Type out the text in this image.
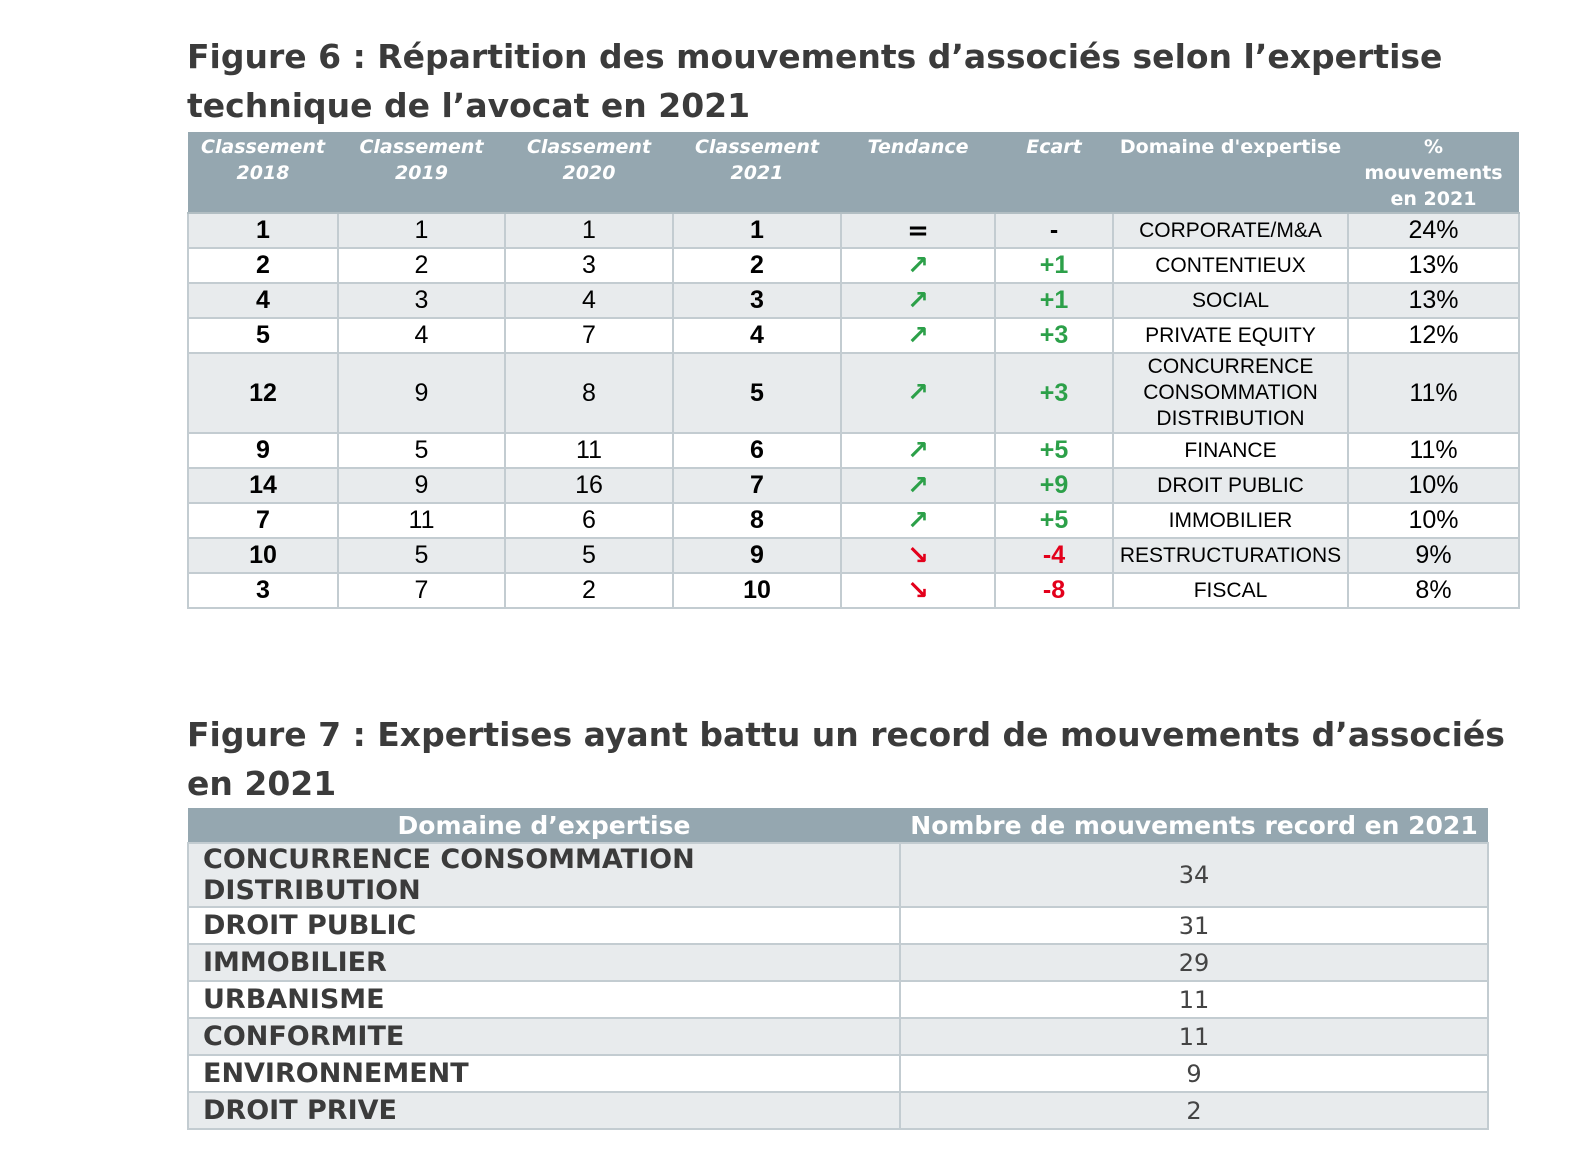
Figure 6 : Répartition des mouvements d’associés selon l’expertise technique de l’avocat en 2021
Classement 2018	Classement 2019	Classement 2020	Classement 2021	Tendance	Ecart	Domaine d'expertise	% mouvements en 2021
1	1	1	1	=	-	CORPORATE/M&A	24%
2	2	3	2	↗	+1	CONTENTIEUX	13%
4	3	4	3	↗	+1	SOCIAL	13%
5	4	7	4	↗	+3	PRIVATE EQUITY	12%
12	9	8	5	↗	+3	CONCURRENCE CONSOMMATION DISTRIBUTION	11%
9	5	11	6	↗	+5	FINANCE	11%
14	9	16	7	↗	+9	DROIT PUBLIC	10%
7	11	6	8	↗	+5	IMMOBILIER	10%
10	5	5	9	↘	-4	RESTRUCTURATIONS	9%
3	7	2	10	↘	-8	FISCAL	8%
Figure 7 : Expertises ayant battu un record de mouvements d’associés en 2021
Domaine d’expertise	Nombre de mouvements record en 2021
CONCURRENCE CONSOMMATION DISTRIBUTION	34
DROIT PUBLIC	31
IMMOBILIER	29
URBANISME	11
CONFORMITE	11
ENVIRONNEMENT	9
DROIT PRIVE	2
